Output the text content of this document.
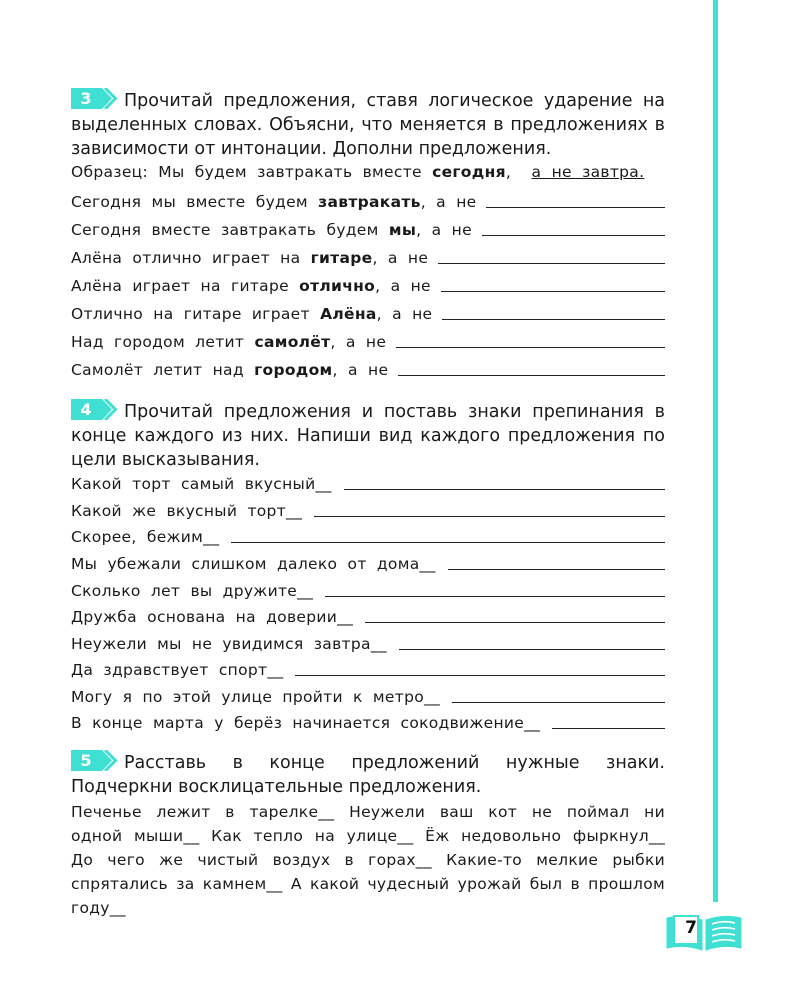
3	Прочитай предложения, ставя логическое ударение на выделенных словах. Объясни, что меняется в предложениях в зависимости от интонации. Дополни предложения.
Образец: Мы будем завтракать вместе сегодня, а не завтра.
Сегодня мы вместе будем завтракать, а не
Сегодня вместе завтракать будем мы, а не
Алёна отлично играет на гитаре, а не
Алёна играет на гитаре отлично, а не
Отлично на гитаре играет Алёна, а не
Над городом летит самолёт, а не
Самолёт летит над городом, а не
4	Прочитай предложения и поставь знаки препинания в конце каждого из них. Напиши вид каждого предложения по цели высказывания.
Какой торт самый вкусный__
Какой же вкусный торт__
Скорее, бежим__
Мы убежали слишком далеко от дома__
Сколько лет вы дружите__
Дружба основана на доверии__
Неужели мы не увидимся завтра__
Да здравствует спорт__
Могу я по этой улице пройти к метро__
В конце марта у берёз начинается сокодвижение__
5	Расставь в конце предложений нужные знаки. Подчеркни восклицательные предложения.
Печенье лежит в тарелке__ Неужели ваш кот не поймал ни одной мыши__ Как тепло на улице__ Ёж недовольно фыркнул__ До чего же чистый воздух в горах__ Какие-то мелкие рыбки спрятались за камнем__ А какой чудесный урожай был в прошлом году__
7
